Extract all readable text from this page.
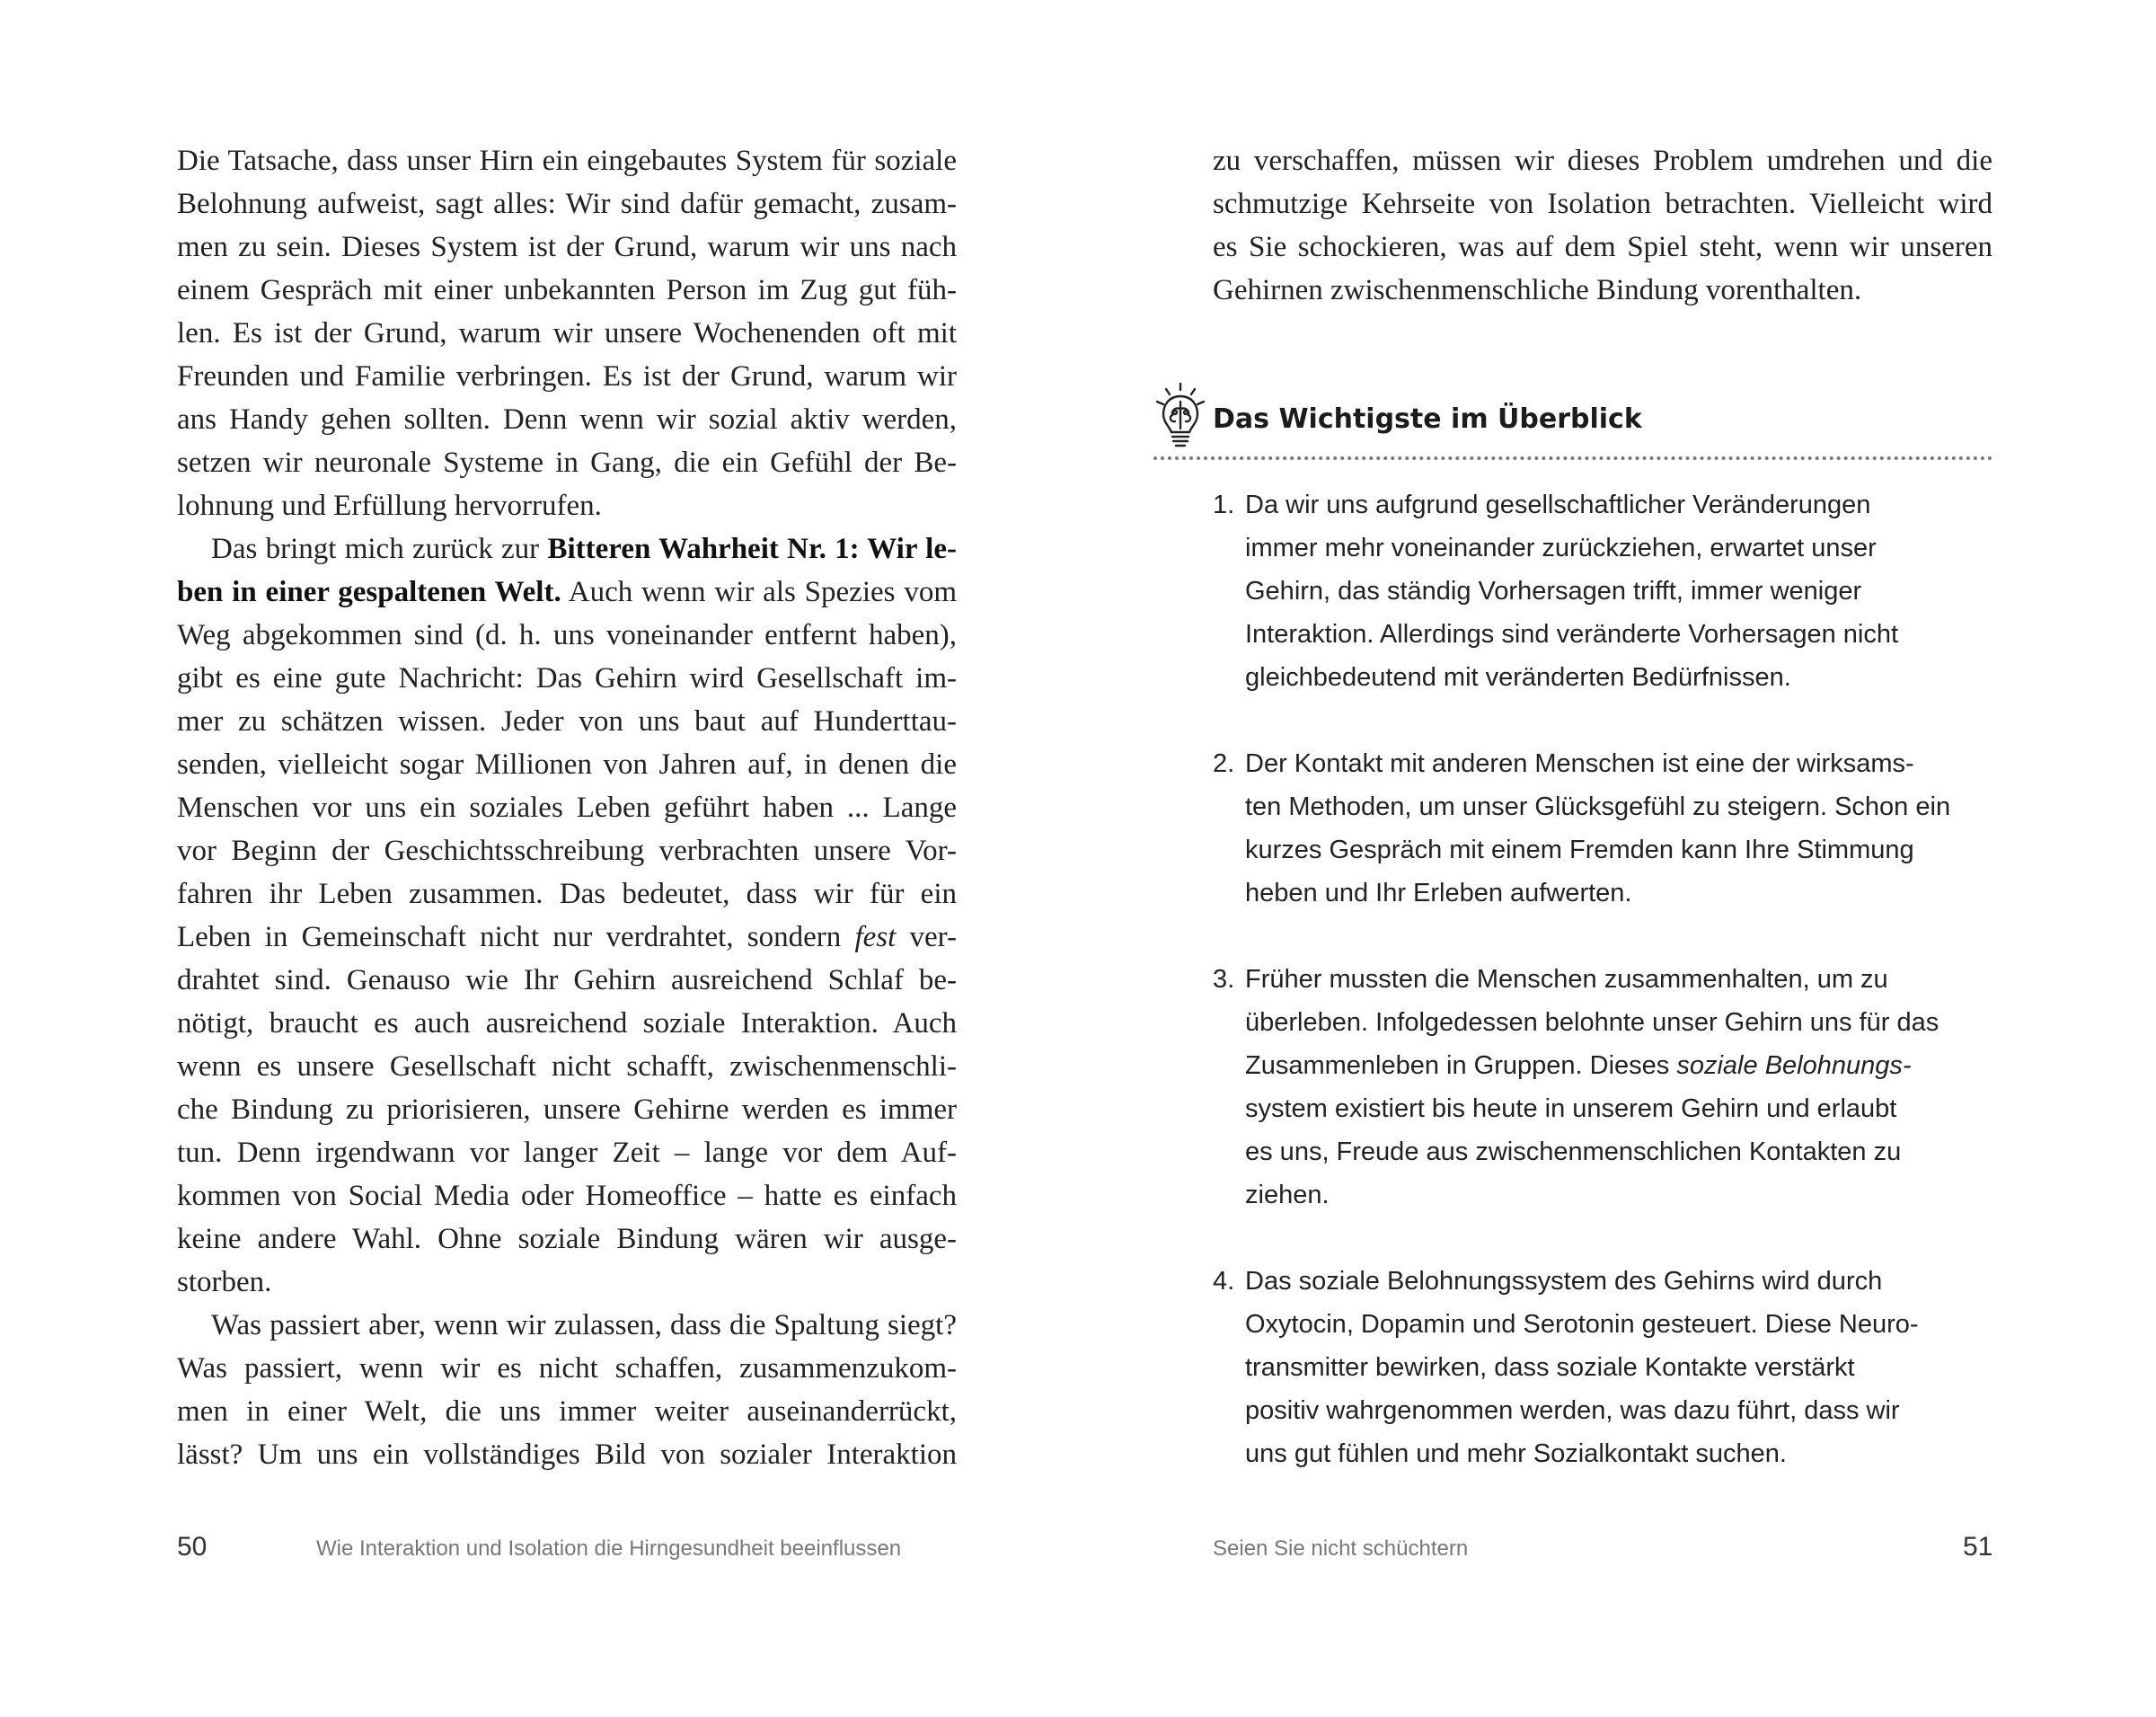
Die Tatsache, dass unser Hirn ein eingebautes System für soziale
Belohnung aufweist, sagt alles: Wir sind dafür gemacht, zusam-
men zu sein. Dieses System ist der Grund, warum wir uns nach
einem Gespräch mit einer unbekannten Person im Zug gut füh-
len. Es ist der Grund, warum wir unsere Wochenenden oft mit
Freunden und Familie verbringen. Es ist der Grund, warum wir
ans Handy gehen sollten. Denn wenn wir sozial aktiv werden,
setzen wir neuronale Systeme in Gang, die ein Gefühl der Be-
lohnung und Erfüllung hervorrufen.
Das bringt mich zurück zur Bitteren Wahrheit Nr. 1: Wir le-
ben in einer gespaltenen Welt. Auch wenn wir als Spezies vom
Weg abgekommen sind (d. h. uns voneinander entfernt haben),
gibt es eine gute Nachricht: Das Gehirn wird Gesellschaft im-
mer zu schätzen wissen. Jeder von uns baut auf Hunderttau-
senden, vielleicht sogar Millionen von Jahren auf, in denen die
Menschen vor uns ein soziales Leben geführt haben ... Lange
vor Beginn der Geschichtsschreibung verbrachten unsere Vor-
fahren ihr Leben zusammen. Das bedeutet, dass wir für ein
Leben in Gemeinschaft nicht nur verdrahtet, sondern fest ver-
drahtet sind. Genauso wie Ihr Gehirn ausreichend Schlaf be-
nötigt, braucht es auch ausreichend soziale Interaktion. Auch
wenn es unsere Gesellschaft nicht schafft, zwischenmenschli-
che Bindung zu priorisieren, unsere Gehirne werden es immer
tun. Denn irgendwann vor langer Zeit – lange vor dem Auf-
kommen von Social Media oder Homeoffice – hatte es einfach
keine andere Wahl. Ohne soziale Bindung wären wir ausge-
storben.
Was passiert aber, wenn wir zulassen, dass die Spaltung siegt?
Was passiert, wenn wir es nicht schaffen, zusammenzukom-
men in einer Welt, die uns immer weiter auseinanderrückt,
lässt? Um uns ein vollständiges Bild von sozialer Interaktion
50	Wie Interaktion und Isolation die Hirngesundheit beeinflussen
zu verschaffen, müssen wir dieses Problem umdrehen und die
schmutzige Kehrseite von Isolation betrachten. Vielleicht wird
es Sie schockieren, was auf dem Spiel steht, wenn wir unseren
Gehirnen zwischenmenschliche Bindung vorenthalten.
Das Wichtigste im Überblick
1. Da wir uns aufgrund gesellschaftlicher Veränderungen
immer mehr voneinander zurückziehen, erwartet unser
Gehirn, das ständig Vorhersagen trifft, immer weniger
Interaktion. Allerdings sind veränderte Vorhersagen nicht
gleichbedeutend mit veränderten Bedürfnissen.
2. Der Kontakt mit anderen Menschen ist eine der wirksams-
ten Methoden, um unser Glücksgefühl zu steigern. Schon ein
kurzes Gespräch mit einem Fremden kann Ihre Stimmung
heben und Ihr Erleben aufwerten.
3. Früher mussten die Menschen zusammenhalten, um zu
überleben. Infolgedessen belohnte unser Gehirn uns für das
Zusammenleben in Gruppen. Dieses soziale Belohnungs-
system existiert bis heute in unserem Gehirn und erlaubt
es uns, Freude aus zwischenmenschlichen Kontakten zu
ziehen.
4. Das soziale Belohnungssystem des Gehirns wird durch
Oxytocin, Dopamin und Serotonin gesteuert. Diese Neuro-
transmitter bewirken, dass soziale Kontakte verstärkt
positiv wahrgenommen werden, was dazu führt, dass wir
uns gut fühlen und mehr Sozialkontakt suchen.
Seien Sie nicht schüchtern	51
